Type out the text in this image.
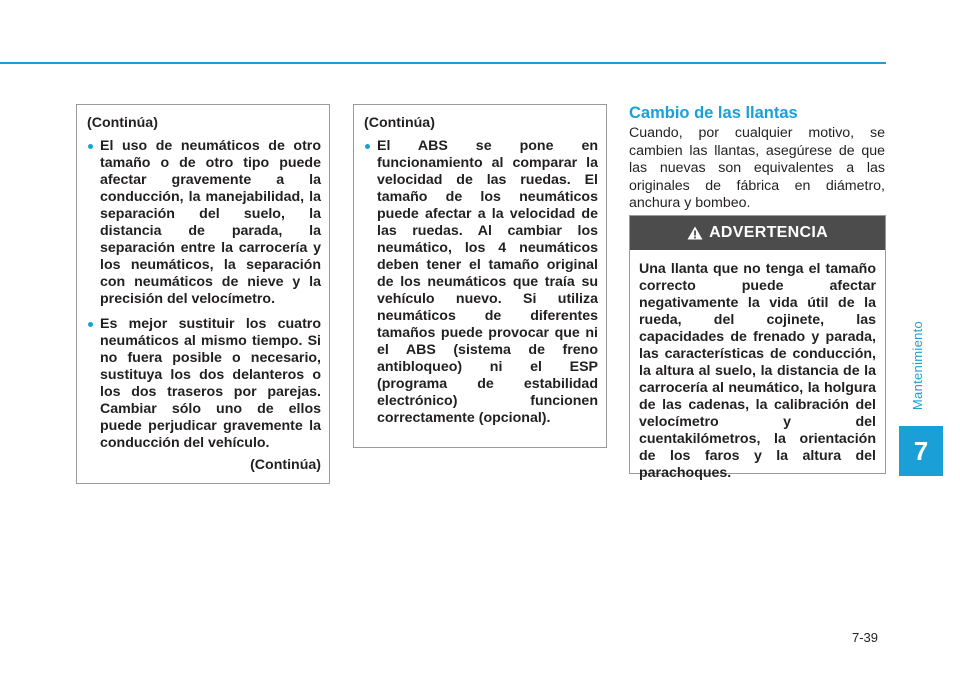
Mantenimiento
7
(Continúa)
El uso de neumáticos de otro tamaño o de otro tipo puede afectar gravemente a la conducción, la manejabilidad, la separación del suelo, la distancia de parada, la separación entre la carrocería y los neumáticos, la separación con neumáticos de nieve y la precisión del velocímetro.
Es mejor sustituir los cuatro neumáticos al mismo tiempo. Si no fuera posible o necesario, sustituya los dos delanteros o los dos traseros por parejas. Cambiar sólo uno de ellos puede perjudicar gravemente la conducción del vehículo.
(Continúa)
(Continúa)
El ABS se pone en funcionamiento al comparar la velocidad de las ruedas. El tamaño de los neumáticos puede afectar a la velocidad de las ruedas. Al cambiar los neumático, los 4 neumáticos deben tener el tamaño original de los neumáticos que traía su vehículo nuevo. Si utiliza neumáticos de diferentes tamaños puede provocar que ni el ABS (sistema de freno antibloqueo) ni el ESP (programa de estabilidad electrónico) funcionen correctamente (opcional).
Cambio de las llantas

Cuando, por cualquier motivo, se cambien las llantas, asegúrese de que las nuevas son equivalentes a las originales de fábrica en diámetro, anchura y bombeo.

ADVERTENCIA
Una llanta que no tenga el tamaño correcto puede afectar negativamente la vida útil de la rueda, del cojinete, las capacidades de frenado y parada, las características de conducción, la altura al suelo, la distancia de la carrocería al neumático, la holgura de las cadenas, la calibración del velocímetro y del cuentakilómetros, la orientación de los faros y la altura del parachoques.
7-39
